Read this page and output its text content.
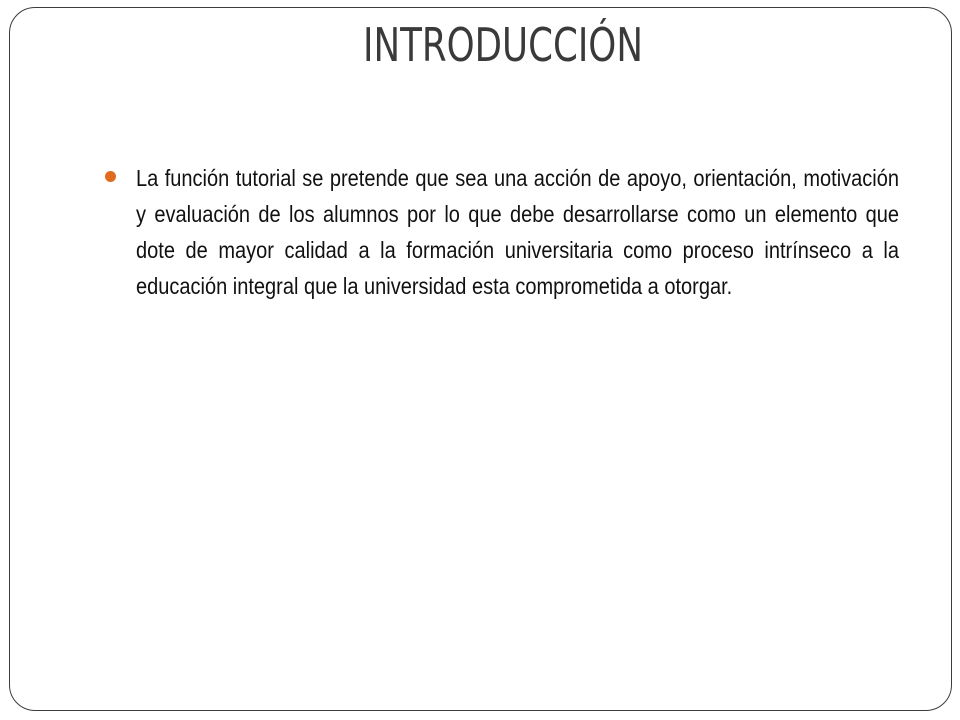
INTRODUCCIÓN
La función tutorial se pretende que sea una acción de apoyo, orientación, motivación y evaluación de los alumnos por lo que debe desarrollarse como un elemento que dote de mayor calidad a la formación universitaria como proceso intrínseco a la educación integral que la universidad esta comprometida a otorgar.
